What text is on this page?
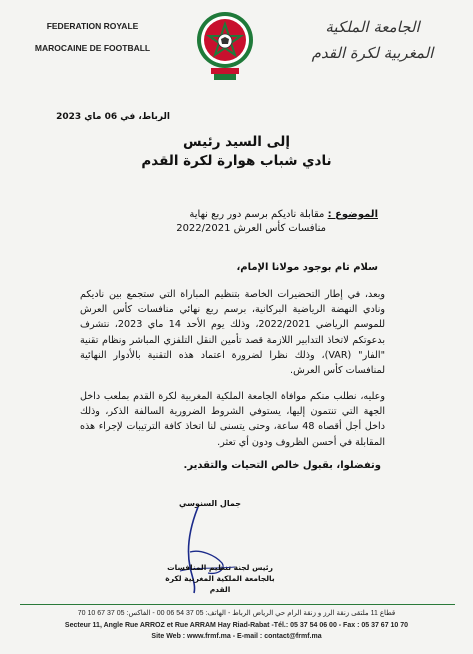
FEDERATION ROYALE
MAROCAINE DE FOOTBALL
الجامعة الملكية
المغربية لكرة القدم
الرباط، في 06 ماي 2023
إلى السيد رئيس
نادي شباب هوارة لكرة القدم
الموضوع : مقابلة ناديكم برسم دور ربع نهاية
منافسات كأس العرش 2022/2021
سلام تام بوجود مولانا الإمام،
وبعد، في إطار التحضيرات الخاصة بتنظيم المباراة التي ستجمع بين ناديكم ونادي النهضة الرياضية البركانية، برسم ربع نهائي منافسات كأس العرش للموسم الرياضي 2022/2021، وذلك يوم الأحد 14 ماي 2023، نتشرف بدعوتكم لاتخاذ التدابير اللازمة قصد تأمين النقل التلفزي المباشر ونظام تقنية "الفار" (VAR)، وذلك نظرا لضرورة اعتماد هذه التقنية بالأدوار النهائية لمنافسات كأس العرش.
وعليه، نطلب منكم موافاة الجامعة الملكية المغربية لكرة القدم بملعب داخل الجهة التي تنتمون إليها، يستوفي الشروط الضرورية السالفة الذكر، وذلك داخل أجل أقصاه 48 ساعة، وحتى يتسنى لنا اتخاذ كافة الترتيبات لإجراء هذه المقابلة في أحسن الظروف ودون أي تعثر.
وتفضلوا، بقبول خالص التحيات والتقدير.
جمال السنوسي
رئيس لجنة تنظيم المنافسات
بالجامعة الملكية المغربية لكرة القدم
قطاع 11 ملتقى زنقة الرز و زنقة الرام حي الرياض الرباط - الهاتف: 05 37 54 06 00 - الفاكس: 05 37 67 10 70
Secteur 11, Angle Rue ARROZ et Rue ARRAM Hay Riad-Rabat -Tél.: 05 37 54 06 00 - Fax : 05 37 67 10 70
Site Web : www.frmf.ma - E-mail : contact@frmf.ma
